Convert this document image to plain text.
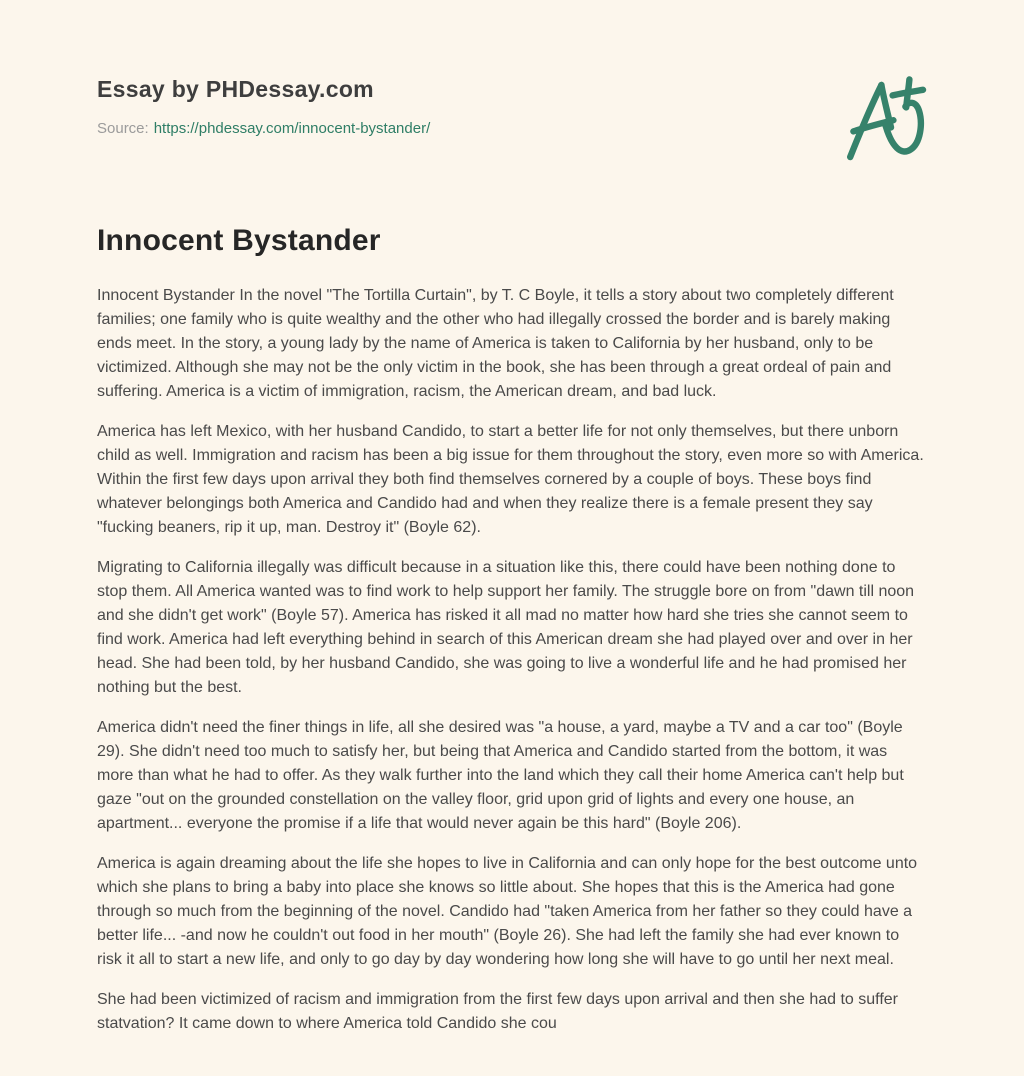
Essay by PHDessay.com

Source: https://phdessay.com/innocent-bystander/

Innocent Bystander

Innocent Bystander In the novel "The Tortilla Curtain", by T. C Boyle, it tells a story about two completely different families; one family who is quite wealthy and the other who had illegally crossed the border and is barely making ends meet. In the story, a young lady by the name of America is taken to California by her husband, only to be victimized. Although she may not be the only victim in the book, she has been through a great ordeal of pain and suffering. America is a victim of immigration, racism, the American dream, and bad luck.

America has left Mexico, with her husband Candido, to start a better life for not only themselves, but there unborn child as well. Immigration and racism has been a big issue for them throughout the story, even more so with America. Within the first few days upon arrival they both find themselves cornered by a couple of boys. These boys find whatever belongings both America and Candido had and when they realize there is a female present they say "fucking beaners, rip it up, man. Destroy it" (Boyle 62).

Migrating to California illegally was difficult because in a situation like this, there could have been nothing done to stop them. All America wanted was to find work to help support her family. The struggle bore on from "dawn till noon and she didn't get work" (Boyle 57). America has risked it all mad no matter how hard she tries she cannot seem to find work. America had left everything behind in search of this American dream she had played over and over in her head. She had been told, by her husband Candido, she was going to live a wonderful life and he had promised her nothing but the best.

America didn't need the finer things in life, all she desired was "a house, a yard, maybe a TV and a car too" (Boyle 29). She didn't need too much to satisfy her, but being that America and Candido started from the bottom, it was more than what he had to offer. As they walk further into the land which they call their home America can't help but gaze "out on the grounded constellation on the valley floor, grid upon grid of lights and every one house, an apartment... everyone the promise if a life that would never again be this hard" (Boyle 206).

America is again dreaming about the life she hopes to live in California and can only hope for the best outcome unto which she plans to bring a baby into place she knows so little about. She hopes that this is the America had gone through so much from the beginning of the novel. Candido had "taken America from her father so they could have a better life... -and now he couldn't out food in her mouth" (Boyle 26). She had left the family she had ever known to risk it all to start a new life, and only to go day by day wondering how long she will have to go until her next meal.

She had been victimized of racism and immigration from the first few days upon arrival and then she had to suffer statvation? It came down to where America told Candido she cou
